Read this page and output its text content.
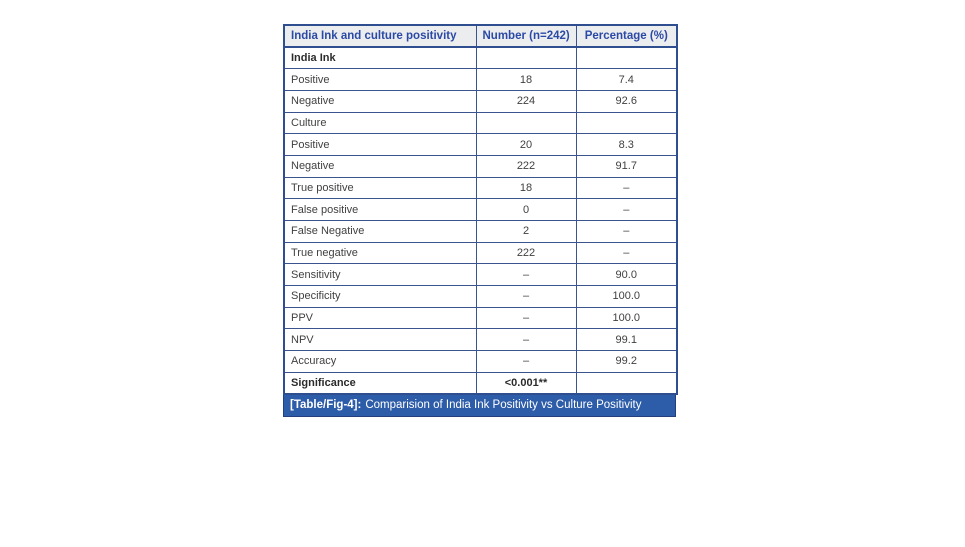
India Ink and culture positivity	Number (n=242)	Percentage (%)
India Ink		
Positive	18	7.4
Negative	224	92.6
Culture		
Positive	20	8.3
Negative	222	91.7
True positive	18	–
False positive	0	–
False Negative	2	–
True negative	222	–
Sensitivity	–	90.0
Specificity	–	100.0
PPV	–	100.0
NPV	–	99.1
Accuracy	–	99.2
Significance	<0.001**	
[Table/Fig-4]: Comparision of India Ink Positivity vs Culture Positivity
